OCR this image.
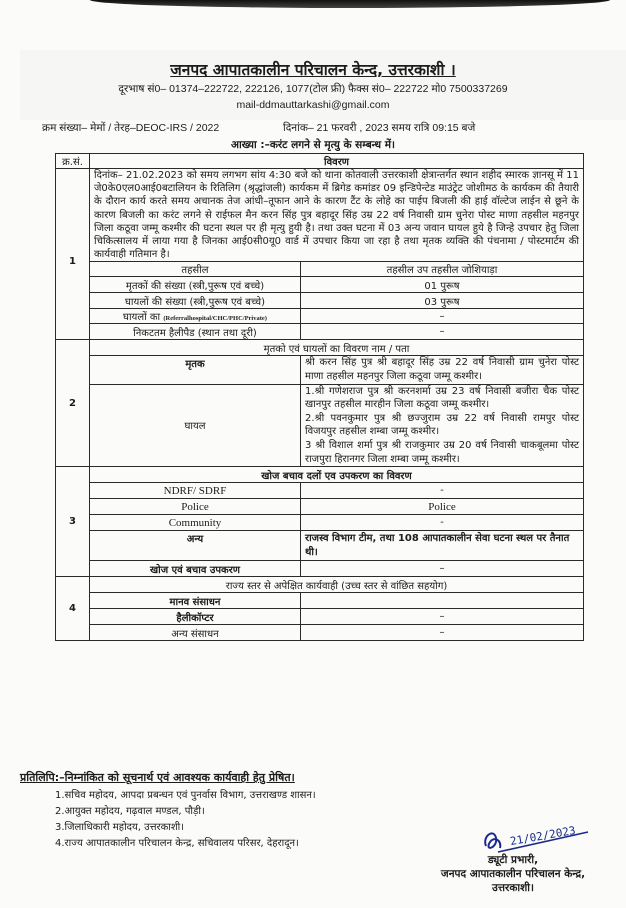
जनपद आपातकालीन परिचालन केन्द, उत्तरकाशी ।
दूरभाष सं0– 01374–222722, 222126, 1077(टोल फ्री) फैक्स सं0– 222722 मो0 7500337269
mail-ddmauttarkashi@gmail.com
क्रम संख्या– मेमों / तेरह–DEOC-IRS / 2022	दिनांक– 21 फरवरी , 2023 समय रात्रि 09:15 बजे
आख्या :–करंट लगने से मृत्यु के सम्बन्ध में।
क्र.सं.	विवरण	
1	दिनांक– 21.02.2023 को समय लगभग सांय 4:30 बजे को थाना कोतवाली उत्तरकाशी क्षेत्रान्तर्गत स्थान शहीद स्मारक ज्ञानसू में 11 जे0के0एल0आई0बटालियन के रितिलिग (श्रृद्धांजली) कार्यकम में ब्रिगेड कमांडर 09 इन्डिपेन्टेड माउंट्रेट जोशीमठ के कार्यकम की तैयारी के दौरान कार्य करते समय अचानक तेज आंधी–तूफान आने के कारण टैंट के लोहे का पाईप बिजली की हाई वॉल्टेज लाईन से छूने के कारण बिजली का करंट लगने से राईफल मैन करन सिंह पुत्र बहादूर सिंह उम्र 22 वर्ष निवासी ग्राम चुनेरा पोस्ट माणा तहसील महनपुर जिला कठूवा जम्मू कश्मीर की घटना स्थल पर ही मृत्यु हुयी है। तथा उक्त घटना में 03 अन्य जवान घायल हुये है जिन्हे उपचार हेतु जिला चिकित्सालय में लाया गया है जिनका आई0सी0यू0 वार्ड में उपचार किया जा रहा है तथा मृतक व्यक्ति की पंचनामा / पोस्टमार्टम की कार्यवाही गतिमान है।	
	तहसील	तहसील उप तहसील जोशियाड़ा
	मृतकों की संख्या (स्त्री,पुरूष एवं बच्चे)	01 पुरूष
	घायलों की संख्या (स्त्री,पुरूष एवं बच्चे)	03 पुरूष
	घायलों का (Referralhospital/CHC/PHC/Private)	–
	निकटतम हैलीपैड (स्थान तथा दूरी)	–
2	मृतको एवं घायलों का विवरण नाम / पता	
	मृतक	श्री करन सिंह पुत्र श्री बहादूर सिंह उम्र 22 वर्ष निवासी ग्राम चुनेरा पोस्ट माणा तहसील महनपुर जिला कठूवा जम्मू कश्मीर।
	घायल	1.श्री गणेशराज पुत्र श्री करनशर्मा उम्र 23 वर्ष निवासी बजीरा चैक पोस्ट खानपुर तहसील मारहीन जिला कठूवा जम्मू कश्मीर।
2.श्री पवनकुमार पुत्र श्री छज्जुराम उम्र 22 वर्ष निवासी रामपुर पोस्ट विजयपुर तहसील शम्बा जम्मू कश्मीर।
3 श्री विशाल शर्मा पुत्र श्री राजकुमार उम्र 20 वर्ष निवासी चाकबूलमा पोस्ट राजपुरा हिरानगर जिला शम्बा जम्मू कश्मीर।

3	खोज बचाव दलों एव उपकरण का विवरण	
	NDRF/ SDRF	-
	Police	Police
	Community	-
	अन्य	राजस्व विभाग टीम, तथा 108 आपातकालीन सेवा घटना स्थल पर तैनात थी।
	खोज एवं बचाव उपकरण	–
4	राज्य स्तर से अपेक्षित कार्यवाही (उच्च स्तर से वांछित सहयोग)	
	मानव संसाधन	
	हैलीकॉप्टर	–
	अन्य संसाधन	–
प्रतिलिपि:–निम्नांकित को सूचनार्थ एवं आवश्यक कार्यवाही हेतु प्रेषित।
1.सचिव महोदय, आपदा प्रबन्धन एवं पुनर्वास विभाग, उत्तराखण्ड शासन।
2.आयुक्त महोदय, गढ़वाल मण्डल, पौड़ी।
3.जिलाधिकारी महोदय, उत्तरकाशी।
4.राज्य आपातकालीन परिचालन केन्द्र, सचिवालय परिसर, देहरादून।	21/02/2023
ड्यूटी प्रभारी,
जनपद आपातकालीन परिचालन केन्द्र,
उत्तरकाशी।
